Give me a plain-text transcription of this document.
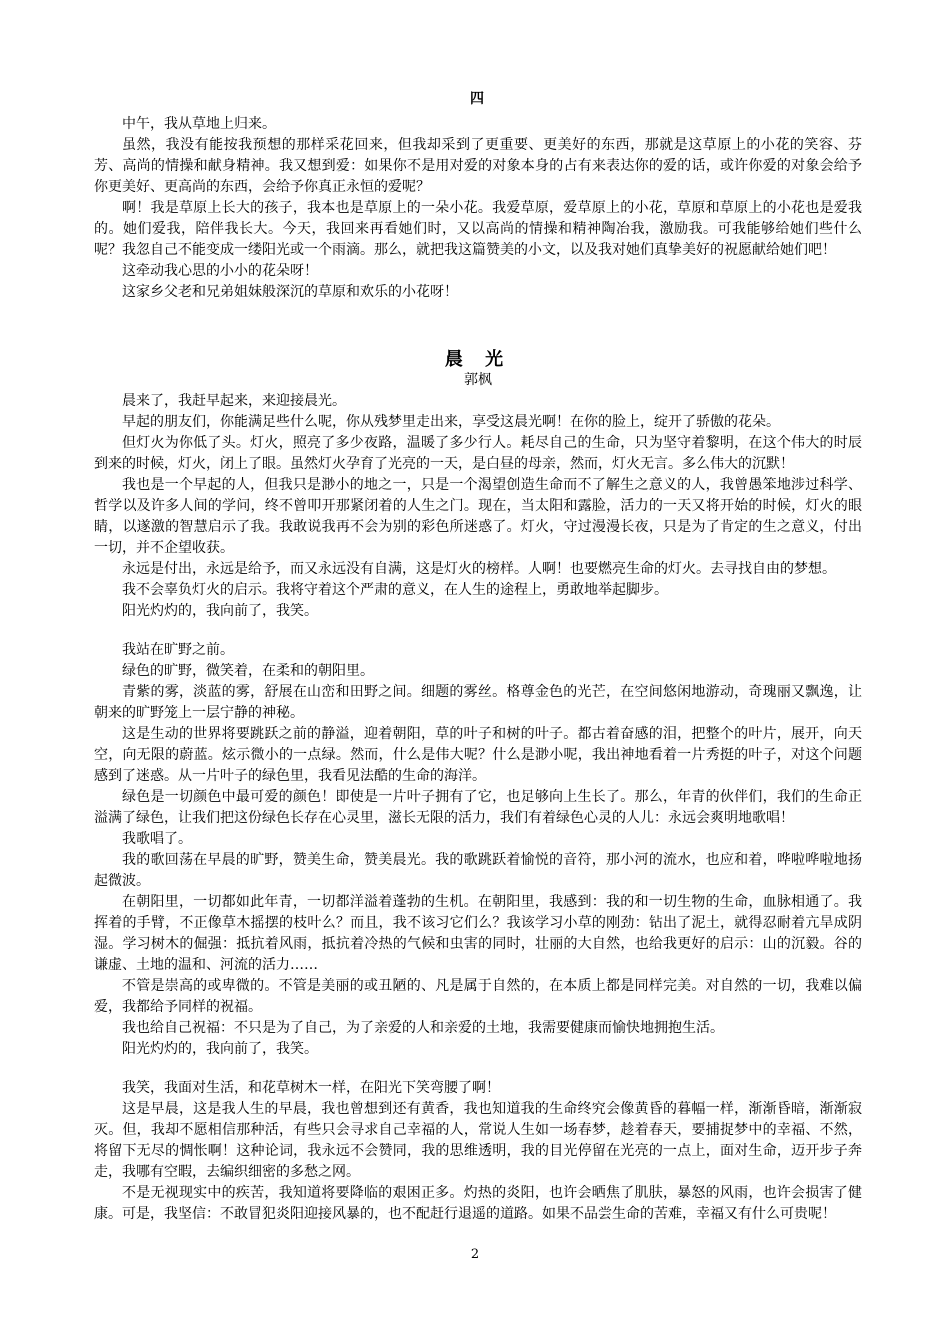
四

中午，我从草地上归来。

虽然，我没有能按我预想的那样采花回来，但我却采到了更重要、更美好的东西，那就是这草原上的小花的笑容、芬芳、高尚的情操和献身精神。我又想到爱：如果你不是用对爱的对象本身的占有来表达你的爱的话，或许你爱的对象会给予你更美好、更高尚的东西，会给予你真正永恒的爱呢？

啊！我是草原上长大的孩子，我本也是草原上的一朵小花。我爱草原，爱草原上的小花，草原和草原上的小花也是爱我的。她们爱我，陪伴我长大。今天，我回来再看她们时，又以高尚的情操和精神陶冶我，激励我。可我能够给她们些什么呢？我忽自己不能变成一缕阳光或一个雨滴。那么，就把我这篇赞美的小文，以及我对她们真挚美好的祝愿献给她们吧！

这牵动我心思的小小的花朵呀！

这家乡父老和兄弟姐妹般深沉的草原和欢乐的小花呀！

晨 光
郭枫

晨来了，我赶早起来，来迎接晨光。

早起的朋友们，你能满足些什么呢，你从残梦里走出来，享受这晨光啊！在你的脸上，绽开了骄傲的花朵。

但灯火为你低了头。灯火，照亮了多少夜路，温暖了多少行人。耗尽自己的生命，只为坚守着黎明，在这个伟大的时辰到来的时候，灯火，闭上了眼。虽然灯火孕育了光亮的一天，是白昼的母亲，然而，灯火无言。多么伟大的沉默！

我也是一个早起的人，但我只是渺小的地之一，只是一个渴望创造生命而不了解生之意义的人，我曾愚笨地涉过科学、哲学以及许多人间的学问，终不曾叩开那紧闭着的人生之门。现在，当太阳和露脸，活力的一天又将开始的时候，灯火的眼睛，以遂激的智慧启示了我。我敢说我再不会为别的彩色所迷惑了。灯火，守过漫漫长夜，只是为了肯定的生之意义，付出一切，并不企望收获。

永远是付出，永远是给予，而又永远没有自满，这是灯火的榜样。人啊！也要燃亮生命的灯火。去寻找自由的梦想。

我不会辜负灯火的启示。我将守着这个严肃的意义，在人生的途程上，勇敢地举起脚步。

阳光灼灼的，我向前了，我笑。

我站在旷野之前。

绿色的旷野，微笑着，在柔和的朝阳里。

青紫的雾，淡蓝的雾，舒展在山峦和田野之间。细题的雾丝。格尊金色的光芒，在空间悠闲地游动，奇瑰丽又飘逸，让朝来的旷野笼上一层宁静的神秘。

这是生动的世界将要跳跃之前的静溢，迎着朝阳，草的叶子和树的叶子。都古着奋感的泪，把整个的叶片，展开，向天空，向无限的蔚蓝。炫示微小的一点绿。然而，什么是伟大呢？什么是渺小呢，我出神地看着一片秀挺的叶子，对这个问题感到了迷惑。从一片叶子的绿色里，我看见法酷的生命的海洋。

绿色是一切颜色中最可爱的颜色！即使是一片叶子拥有了它，也足够向上生长了。那么，年青的伙伴们，我们的生命正溢满了绿色，让我们把这份绿色长存在心灵里，滋长无限的活力，我们有着绿色心灵的人儿：永远会爽明地歌唱！

我歌唱了。

我的歌回荡在早晨的旷野，赞美生命，赞美晨光。我的歌跳跃着愉悦的音符，那小河的流水，也应和着，哗啦哗啦地扬起微波。

在朝阳里，一切都如此年青，一切都洋溢着蓬勃的生机。在朝阳里，我感到：我的和一切生物的生命，血脉相通了。我挥着的手臂，不正像草木摇摆的枝叶么？而且，我不该习它们么？我该学习小草的刚劲：钻出了泥土，就得忍耐着亢旱成阴湿。学习树木的倔强：抵抗着风雨，抵抗着冷热的气候和虫害的同时，壮丽的大自然，也给我更好的启示：山的沉毅。谷的谦虚、土地的温和、河流的活力……

不管是崇高的或卑微的。不管是美丽的或丑陋的、凡是属于自然的，在本质上都是同样完美。对自然的一切，我难以偏爱，我都给予同样的祝福。

我也给自己祝福：不只是为了自己，为了亲爱的人和亲爱的土地，我需要健康而愉快地拥抱生活。

阳光灼灼的，我向前了，我笑。

我笑，我面对生活，和花草树木一样，在阳光下笑弯腰了啊！

这是早晨，这是我人生的早晨，我也曾想到还有黄香，我也知道我的生命终究会像黄昏的暮幅一样，渐渐昏暗，渐渐寂灭。但，我却不愿相信那种活，有些只会寻求自己幸福的人，常说人生如一场春梦，趁着春天，要捕捉梦中的幸福、不然，将留下无尽的惆怅啊！这种论词，我永远不会赞同，我的思维透明，我的目光停留在光亮的一点上，面对生命，迈开步子奔走，我哪有空暇，去编织细密的多愁之网。

不是无视现实中的疾苦，我知道将要降临的艰困正多。灼热的炎阳，也许会晒焦了肌肤，暴怒的风雨，也许会损害了健康。可是，我坚信：不敢冒犯炎阳迎接风暴的，也不配赶行退遥的道路。如果不品尝生命的苦难，幸福又有什么可贵呢！

2
